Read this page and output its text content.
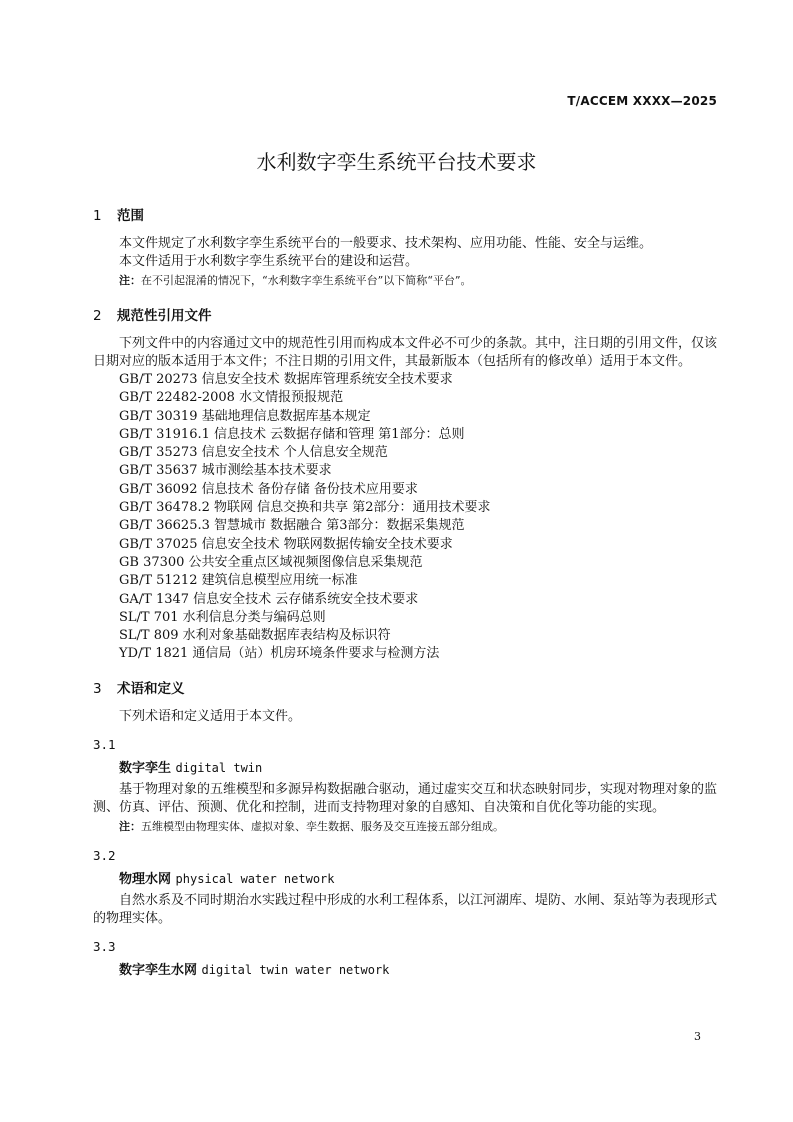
T/ACCEM XXXX—2025
水利数字孪生系统平台技术要求
1 范围

本文件规定了水利数字孪生系统平台的一般要求、技术架构、应用功能、性能、安全与运维。

本文件适用于水利数字孪生系统平台的建设和运营。

注：在不引起混淆的情况下，“水利数字孪生系统平台”以下简称“平台”。

2 规范性引用文件

下列文件中的内容通过文中的规范性引用而构成本文件必不可少的条款。其中，注日期的引用文件，仅该日期对应的版本适用于本文件；不注日期的引用文件，其最新版本（包括所有的修改单）适用于本文件。

GB/T 20273 信息安全技术 数据库管理系统安全技术要求

GB/T 22482-2008 水文情报预报规范

GB/T 30319 基础地理信息数据库基本规定

GB/T 31916.1 信息技术 云数据存储和管理 第1部分：总则

GB/T 35273 信息安全技术 个人信息安全规范

GB/T 35637 城市测绘基本技术要求

GB/T 36092 信息技术 备份存储 备份技术应用要求

GB/T 36478.2 物联网 信息交换和共享 第2部分：通用技术要求

GB/T 36625.3 智慧城市 数据融合 第3部分：数据采集规范

GB/T 37025 信息安全技术 物联网数据传输安全技术要求

GB 37300 公共安全重点区域视频图像信息采集规范

GB/T 51212 建筑信息模型应用统一标准

GA/T 1347 信息安全技术 云存储系统安全技术要求

SL/T 701 水利信息分类与编码总则

SL/T 809 水利对象基础数据库表结构及标识符

YD/T 1821 通信局（站）机房环境条件要求与检测方法

3 术语和定义

下列术语和定义适用于本文件。

3.1

数字孪生 digital twin

基于物理对象的五维模型和多源异构数据融合驱动，通过虚实交互和状态映射同步，实现对物理对象的监测、仿真、评估、预测、优化和控制，进而支持物理对象的自感知、自决策和自优化等功能的实现。

注：五维模型由物理实体、虚拟对象、孪生数据、服务及交互连接五部分组成。

3.2

物理水网 physical water network

自然水系及不同时期治水实践过程中形成的水利工程体系，以江河湖库、堤防、水闸、泵站等为表现形式的物理实体。

3.3

数字孪生水网 digital twin water network

3
